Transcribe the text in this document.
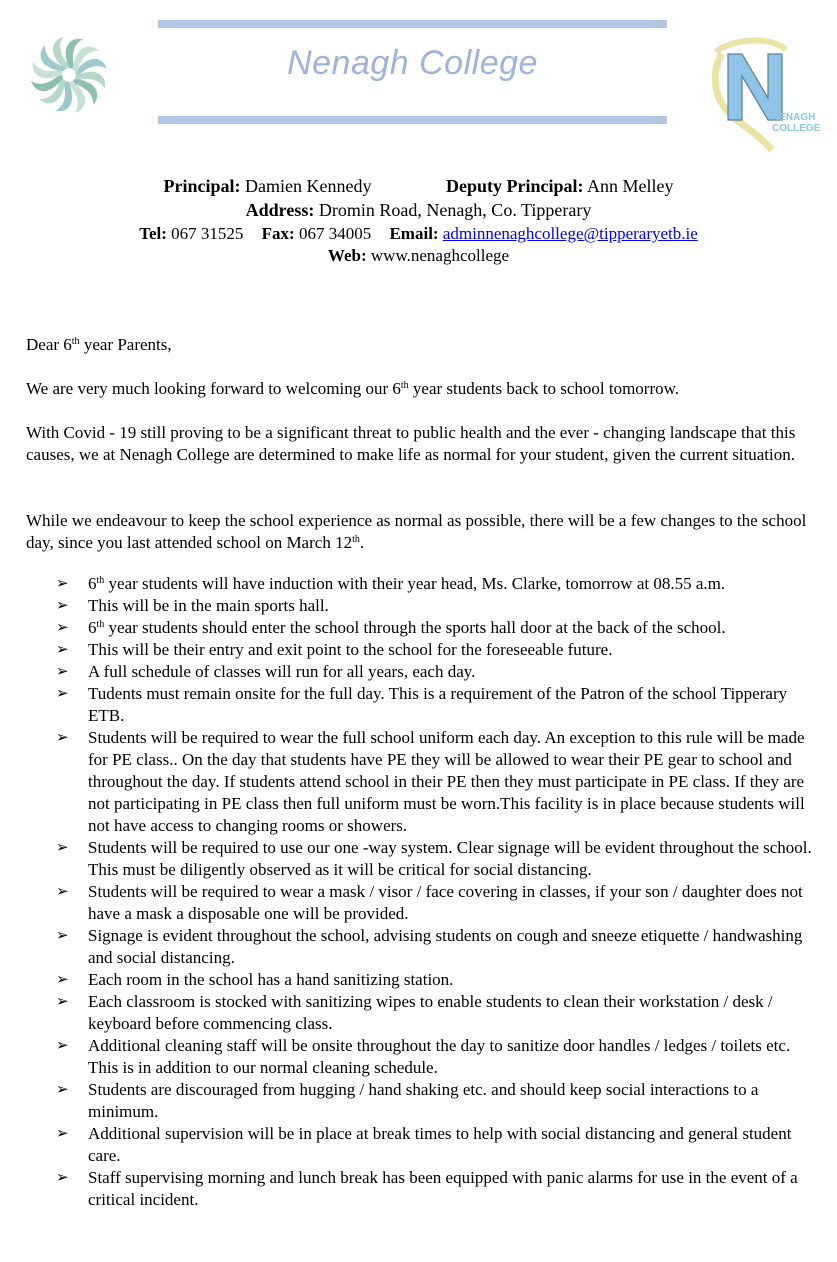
NENAGH
COLLEGE
Nenagh College
Principal: Damien Kennedy	Deputy Principal: Ann Melley
Address: Dromin Road, Nenagh, Co. Tipperary
Tel: 067 31525 Fax: 067 34005 Email: adminnenaghcollege@tipperaryetb.ie
Web: www.nenaghcollege
Dear 6th year Parents,
We are very much looking forward to welcoming our 6th year students back to school tomorrow.
With Covid - 19 still proving to be a significant threat to public health and the ever - changing landscape that this causes, we at Nenagh College are determined to make life as normal for your student, given the current situation.
While we endeavour to keep the school experience as normal as possible, there will be a few changes to the school day, since you last attended school on March 12th.
➢ 6th year students will have induction with their year head, Ms. Clarke, tomorrow at 08.55 a.m.
➢ This will be in the main sports hall.
➢ 6th year students should enter the school through the sports hall door at the back of the school.
➢ This will be their entry and exit point to the school for the foreseeable future.
➢ A full schedule of classes will run for all years, each day.
➢ Tudents must remain onsite for the full day. This is a requirement of the Patron of the school Tipperary ETB.
➢ Students will be required to wear the full school uniform each day. An exception to this rule will be made for PE class.. On the day that students have PE they will be allowed to wear their PE gear to school and throughout the day. If students attend school in their PE then they must participate in PE class. If they are not participating in PE class then full uniform must be worn.This facility is in place because students will not have access to changing rooms or showers.
➢ Students will be required to use our one -way system. Clear signage will be evident throughout the school. This must be diligently observed as it will be critical for social distancing.
➢ Students will be required to wear a mask / visor / face covering in classes, if your son / daughter does not have a mask a disposable one will be provided.
➢ Signage is evident throughout the school, advising students on cough and sneeze etiquette / handwashing and social distancing.
➢ Each room in the school has a hand sanitizing station.
➢ Each classroom is stocked with sanitizing wipes to enable students to clean their workstation / desk / keyboard before commencing class.
➢ Additional cleaning staff will be onsite throughout the day to sanitize door handles / ledges / toilets etc. This is in addition to our normal cleaning schedule.
➢ Students are discouraged from hugging / hand shaking etc. and should keep social interactions to a minimum.
➢ Additional supervision will be in place at break times to help with social distancing and general student care.
➢ Staff supervising morning and lunch break has been equipped with panic alarms for use in the event of a critical incident.
